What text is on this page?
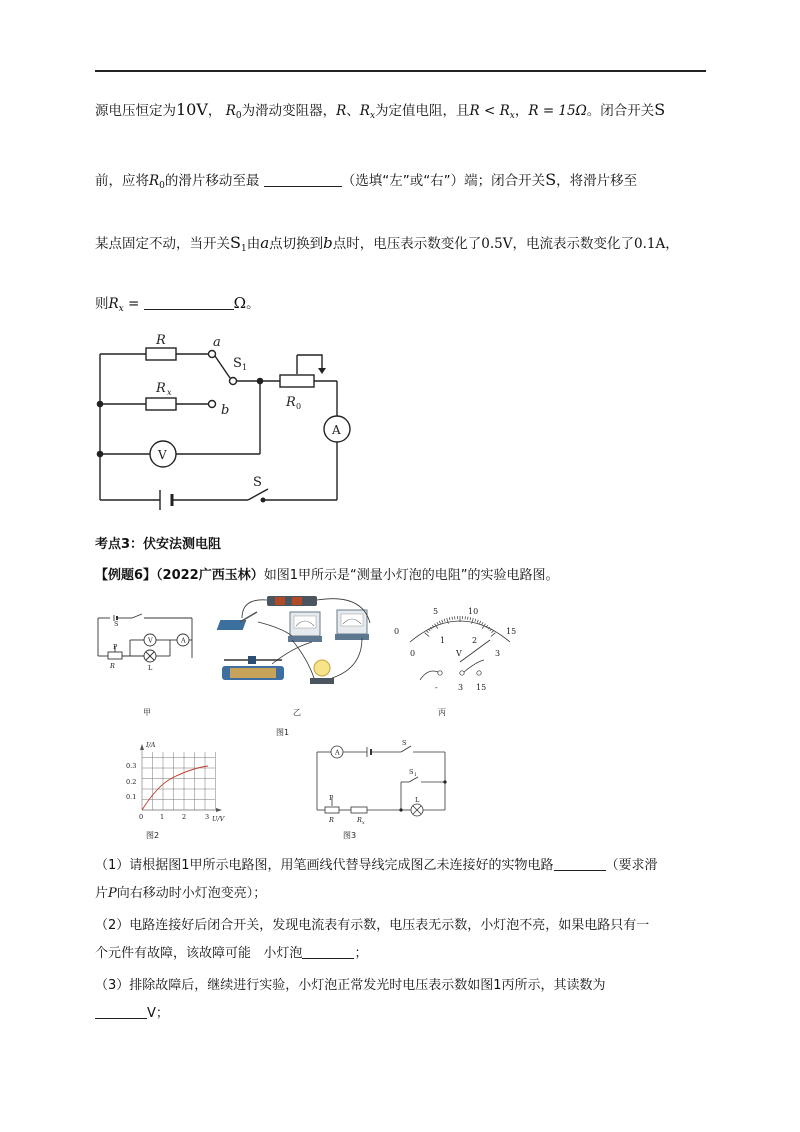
源电压恒定为10V， $R_0$为滑动变阻器，R、$R_x$为定值电阻，且$R < R_x$，R = 15Ω。闭合开关S
前，应将$R_0$的滑片移动至最	（选填“左”或“右”）端；闭合开关S，将滑片移至
某点固定不动，当开关$S_1$由a点切换到b点时，电压表示数变化了0.5V，电流表示数变化了0.1A，
则$R_x$ =	Ω。
R
R x
a
b
S 1
R 0
A
V
S
考点3：伏安法测电阻
【例题6】（2022广西玉林）如图1甲所示是“测量小灯泡的电阻”的实验电路图。
S
V	A
P
R	L
5	10
15
0
0
1	2
3
V
-	3 15
甲	乙	丙
图1
I/A
U/V
0.3
0.2
0.1
0	1	2	3
图2
A
S
S 1
L
P
R	R x
图3
（1）请根据图1甲所示电路图，用笔画线代替导线完成图乙未连接好的实物电路	（要求滑
片P向右移动时小灯泡变亮）；
（2）电路连接好后闭合开关，发现电流表有示数，电压表无示数，小灯泡不亮，如果电路只有一
个元件有故障，该故障可能 小灯泡	；
（3）排除故障后，继续进行实验，小灯泡正常发光时电压表示数如图1丙所示，其读数为
V；
